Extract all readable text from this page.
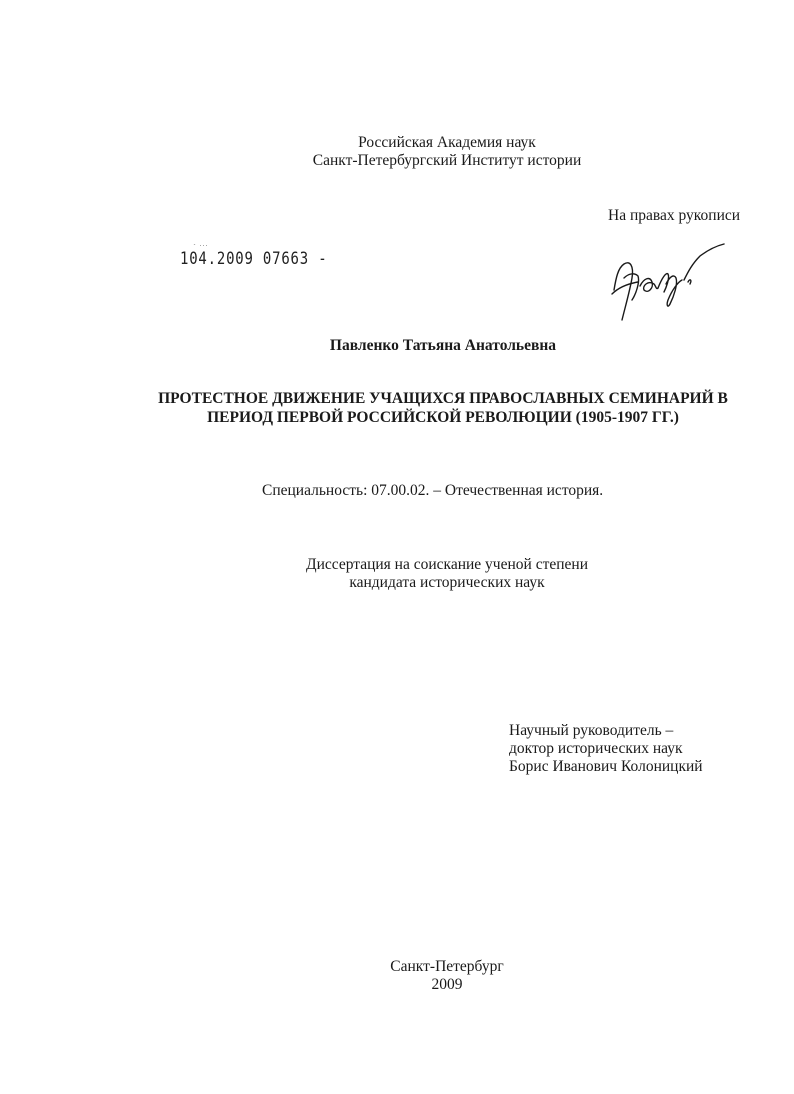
Российская Академия наук
Санкт-Петербургский Институт истории
На правах рукописи
- ...
104.2009 07663 -
Павленко Татьяна Анатольевна
ПРОТЕСТНОЕ ДВИЖЕНИЕ УЧАЩИХСЯ ПРАВОСЛАВНЫХ СЕМИНАРИЙ В
ПЕРИОД ПЕРВОЙ РОССИЙСКОЙ РЕВОЛЮЦИИ (1905-1907 ГГ.)
Специальность: 07.00.02. – Отечественная история.
Диссертация на соискание ученой степени
кандидата исторических наук
Научный руководитель –
доктор исторических наук
Борис Иванович Колоницкий
Санкт-Петербург
2009
